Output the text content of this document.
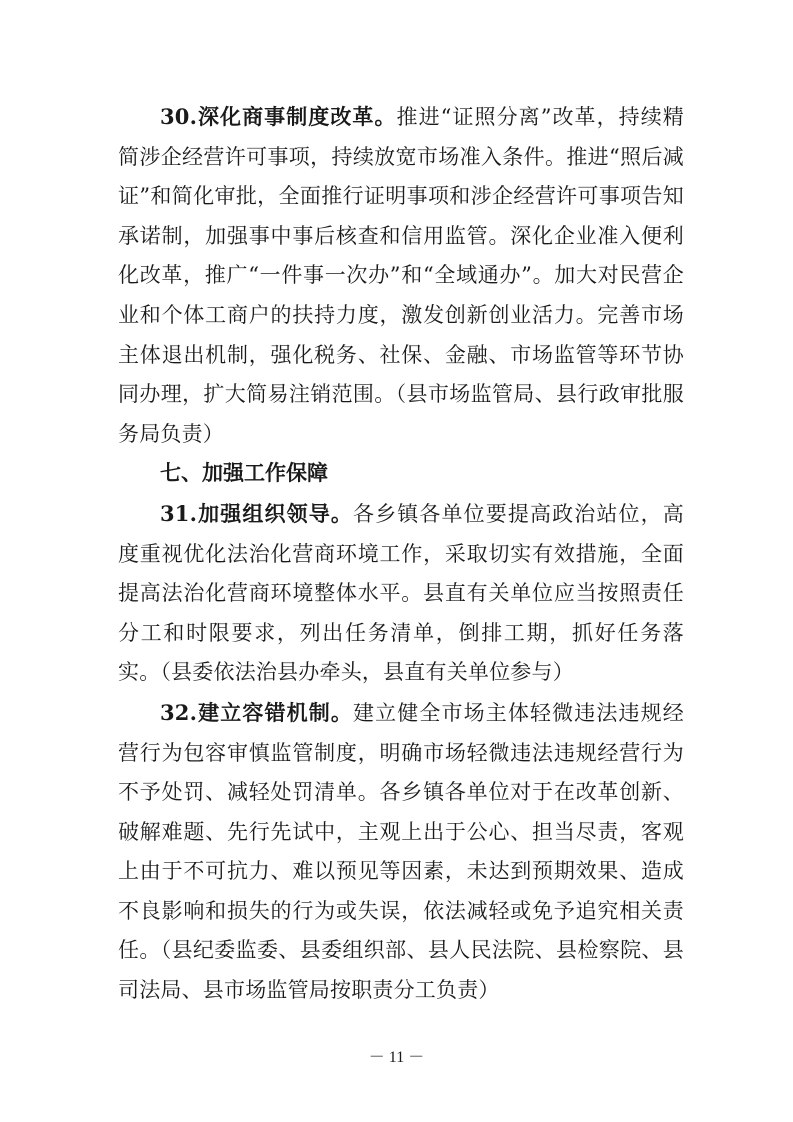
30.深化商事制度改革。推进“证照分离”改革，持续精简涉企经营许可事项，持续放宽市场准入条件。推进“照后减证”和简化审批，全面推行证明事项和涉企经营许可事项告知承诺制，加强事中事后核查和信用监管。深化企业准入便利化改革，推广“一件事一次办”和“全域通办”。加大对民营企业和个体工商户的扶持力度，激发创新创业活力。完善市场主体退出机制，强化税务、社保、金融、市场监管等环节协同办理，扩大简易注销范围。（县市场监管局、县行政审批服务局负责）

七、加强工作保障

31.加强组织领导。各乡镇各单位要提高政治站位，高度重视优化法治化营商环境工作，采取切实有效措施，全面提高法治化营商环境整体水平。县直有关单位应当按照责任分工和时限要求，列出任务清单，倒排工期，抓好任务落实。（县委依法治县办牵头，县直有关单位参与）

32.建立容错机制。建立健全市场主体轻微违法违规经营行为包容审慎监管制度，明确市场轻微违法违规经营行为不予处罚、减轻处罚清单。各乡镇各单位对于在改革创新、破解难题、先行先试中，主观上出于公心、担当尽责，客观上由于不可抗力、难以预见等因素，未达到预期效果、造成不良影响和损失的行为或失误，依法减轻或免予追究相关责任。（县纪委监委、县委组织部、县人民法院、县检察院、县司法局、县市场监管局按职责分工负责）

－ 11 －
